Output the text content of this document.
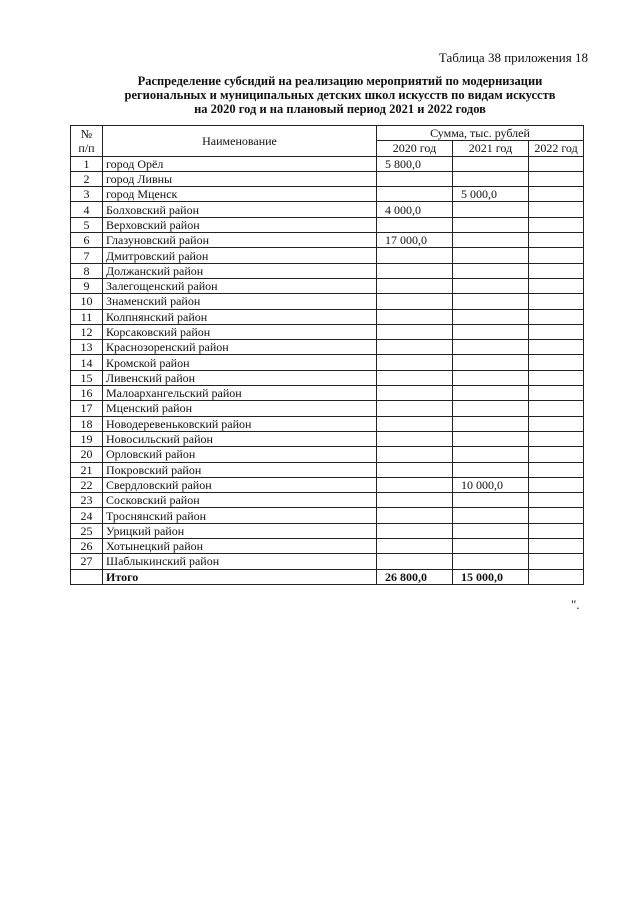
Таблица 38 приложения 18
Распределение субсидий на реализацию мероприятий по модернизации
региональных и муниципальных детских школ искусств по видам искусств
на 2020 год и на плановый период 2021 и 2022 годов
№
п/п	Наименование	Сумма, тыс. рублей		
		2020 год	2021 год	2022 год
1	город Орёл	5 800,0		
2	город Ливны			
3	город Мценск		5 000,0	
4	Болховский район	4 000,0		
5	Верховский район			
6	Глазуновский район	17 000,0		
7	Дмитровский район			
8	Должанский район			
9	Залегощенский район			
10	Знаменский район			
11	Колпнянский район			
12	Корсаковский район			
13	Краснозоренский район			
14	Кромской район			
15	Ливенский район			
16	Малоархангельский район			
17	Мценский район			
18	Новодеревеньковский район			
19	Новосильский район			
20	Орловский район			
21	Покровский район			
22	Свердловский район		10 000,0	
23	Сосковский район			
24	Троснянский район			
25	Урицкий район			
26	Хотынецкий район			
27	Шаблыкинский район			
	Итого	26 800,0	15 000,0	
".
